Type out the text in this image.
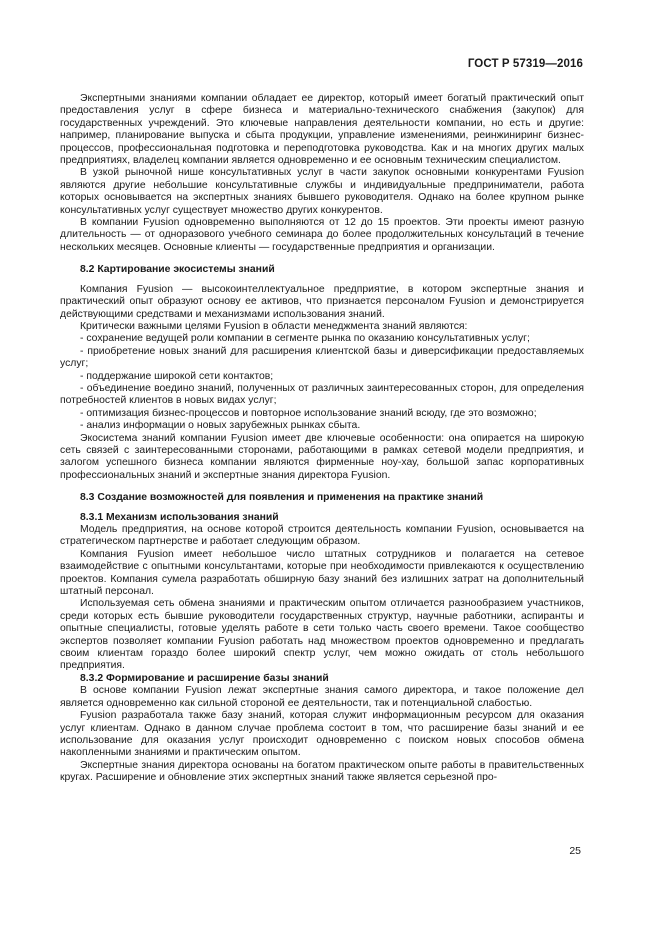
ГОСТ Р 57319—2016

Экспертными знаниями компании обладает ее директор, который имеет богатый практический опыт предоставления услуг в сфере бизнеса и материально-технического снабжения (закупок) для государственных учреждений. Это ключевые направления деятельности компании, но есть и другие: например, планирование выпуска и сбыта продукции, управление изменениями, реинжиниринг бизнес-процессов, профессиональная подготовка и переподготовка руководства. Как и на многих других малых предприятиях, владелец компании является одновременно и ее основным техническим специалистом.

В узкой рыночной нише консультативных услуг в части закупок основными конкурентами Fyusion являются другие небольшие консультативные службы и индивидуальные предприниматели, работа которых основывается на экспертных знаниях бывшего руководителя. Однако на более крупном рынке консультативных услуг существует множество других конкурентов.

В компании Fyusion одновременно выполняются от 12 до 15 проектов. Эти проекты имеют разную длительность — от одноразового учебного семинара до более продолжительных консультаций в течение нескольких месяцев. Основные клиенты — государственные предприятия и организации.

8.2 Картирование экосистемы знаний

Компания Fyusion — высокоинтеллектуальное предприятие, в котором экспертные знания и практический опыт образуют основу ее активов, что признается персоналом Fyusion и демонстрируется действующими средствами и механизмами использования знаний.

Критически важными целями Fyusion в области менеджмента знаний являются:

- сохранение ведущей роли компании в сегменте рынка по оказанию консультативных услуг;

- приобретение новых знаний для расширения клиентской базы и диверсификации предоставляемых услуг;

- поддержание широкой сети контактов;

- объединение воедино знаний, полученных от различных заинтересованных сторон, для определения потребностей клиентов в новых видах услуг;

- оптимизация бизнес-процессов и повторное использование знаний всюду, где это возможно;

- анализ информации о новых зарубежных рынках сбыта.

Экосистема знаний компании Fyusion имеет две ключевые особенности: она опирается на широкую сеть связей с заинтересованными сторонами, работающими в рамках сетевой модели предприятия, и залогом успешного бизнеса компании являются фирменные ноу-хау, большой запас корпоративных профессиональных знаний и экспертные знания директора Fyusion.

8.3 Создание возможностей для появления и применения на практике знаний

8.3.1 Механизм использования знаний

Модель предприятия, на основе которой строится деятельность компании Fyusion, основывается на стратегическом партнерстве и работает следующим образом.

Компания Fyusion имеет небольшое число штатных сотрудников и полагается на сетевое взаимодействие с опытными консультантами, которые при необходимости привлекаются к осуществлению проектов. Компания сумела разработать обширную базу знаний без излишних затрат на дополнительный штатный персонал.

Используемая сеть обмена знаниями и практическим опытом отличается разнообразием участников, среди которых есть бывшие руководители государственных структур, научные работники, аспиранты и опытные специалисты, готовые уделять работе в сети только часть своего времени. Такое сообщество экспертов позволяет компании Fyusion работать над множеством проектов одновременно и предлагать своим клиентам гораздо более широкий спектр услуг, чем можно ожидать от столь небольшого предприятия.

8.3.2 Формирование и расширение базы знаний

В основе компании Fyusion лежат экспертные знания самого директора, и такое положение дел является одновременно как сильной стороной ее деятельности, так и потенциальной слабостью.

Fyusion разработала также базу знаний, которая служит информационным ресурсом для оказания услуг клиентам. Однако в данном случае проблема состоит в том, что расширение базы знаний и ее использование для оказания услуг происходит одновременно с поиском новых способов обмена накопленными знаниями и практическим опытом.

Экспертные знания директора основаны на богатом практическом опыте работы в правительственных кругах. Расширение и обновление этих экспертных знаний также является серьезной про-

25
